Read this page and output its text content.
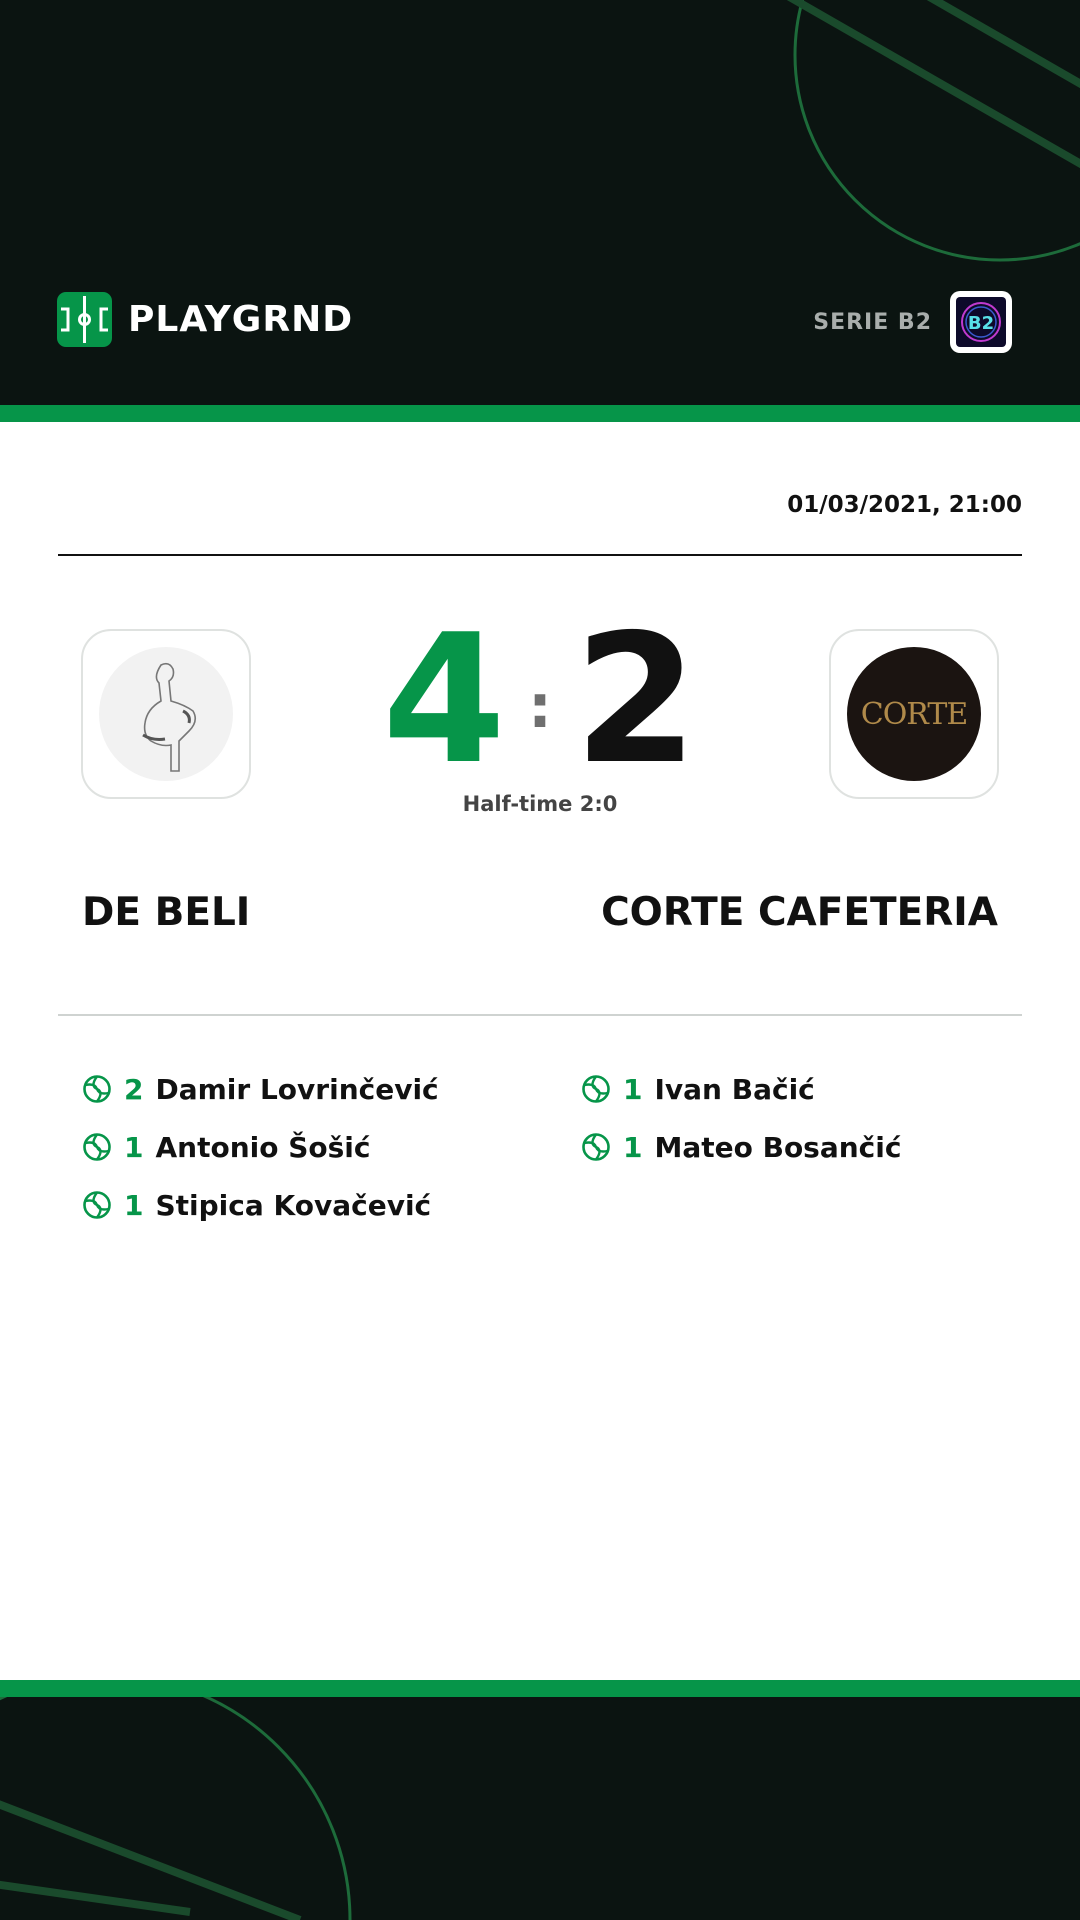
PLAYGRND	SERIE B2 B2
01/03/2021, 21:00
CORTE
4 : 2
Half-time 2:0
DE BELI	CORTE CAFETERIA
2 Damir Lovrinčević
1 Antonio Šošić
1 Stipica Kovačević
1 Ivan Bačić
1 Mateo Bosančić
